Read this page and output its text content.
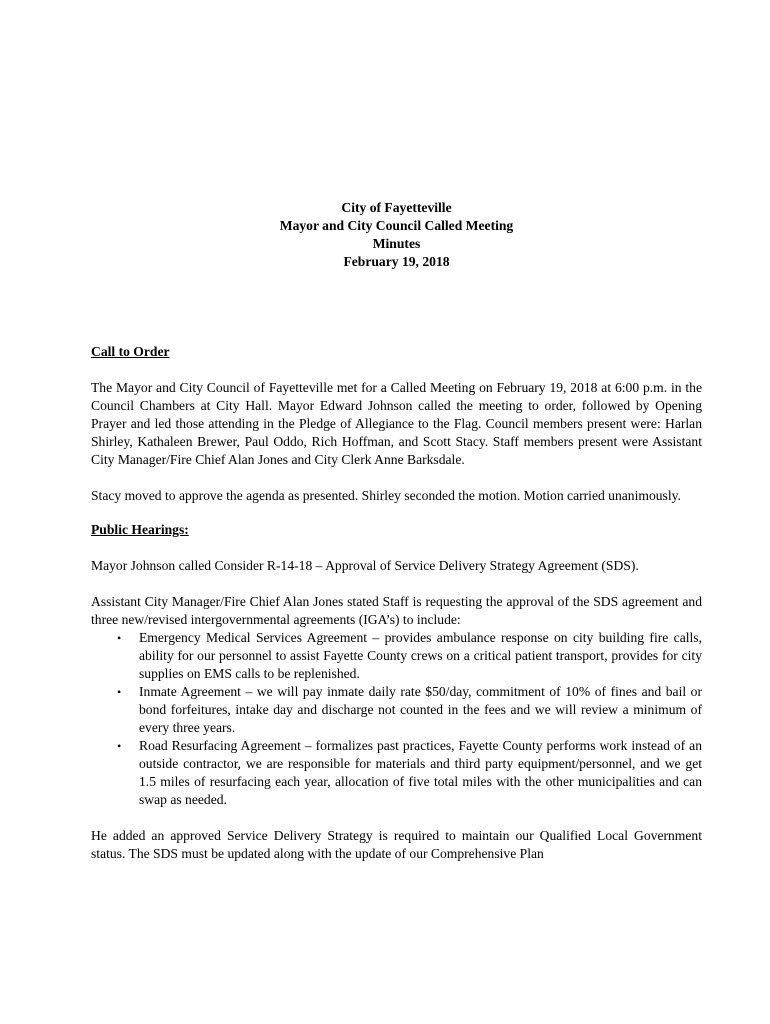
City of Fayetteville
Mayor and City Council Called Meeting
Minutes
February 19, 2018

Call to Order

The Mayor and City Council of Fayetteville met for a Called Meeting on February 19, 2018 at 6:00 p.m. in the Council Chambers at City Hall. Mayor Edward Johnson called the meeting to order, followed by Opening Prayer and led those attending in the Pledge of Allegiance to the Flag. Council members present were: Harlan Shirley, Kathaleen Brewer, Paul Oddo, Rich Hoffman, and Scott Stacy. Staff members present were Assistant City Manager/Fire Chief Alan Jones and City Clerk Anne Barksdale.

Stacy moved to approve the agenda as presented. Shirley seconded the motion. Motion carried unanimously.

Public Hearings:

Mayor Johnson called Consider R-14-18 – Approval of Service Delivery Strategy Agreement (SDS).

Assistant City Manager/Fire Chief Alan Jones stated Staff is requesting the approval of the SDS agreement and three new/revised intergovernmental agreements (IGA’s) to include:

• Emergency Medical Services Agreement – provides ambulance response on city building fire calls, ability for our personnel to assist Fayette County crews on a critical patient transport, provides for city supplies on EMS calls to be replenished.
• Inmate Agreement – we will pay inmate daily rate $50/day, commitment of 10% of fines and bail or bond forfeitures, intake day and discharge not counted in the fees and we will review a minimum of every three years.
• Road Resurfacing Agreement – formalizes past practices, Fayette County performs work instead of an outside contractor, we are responsible for materials and third party equipment/personnel, and we get 1.5 miles of resurfacing each year, allocation of five total miles with the other municipalities and can swap as needed.

He added an approved Service Delivery Strategy is required to maintain our Qualified Local Government status. The SDS must be updated along with the update of our Comprehensive Plan
